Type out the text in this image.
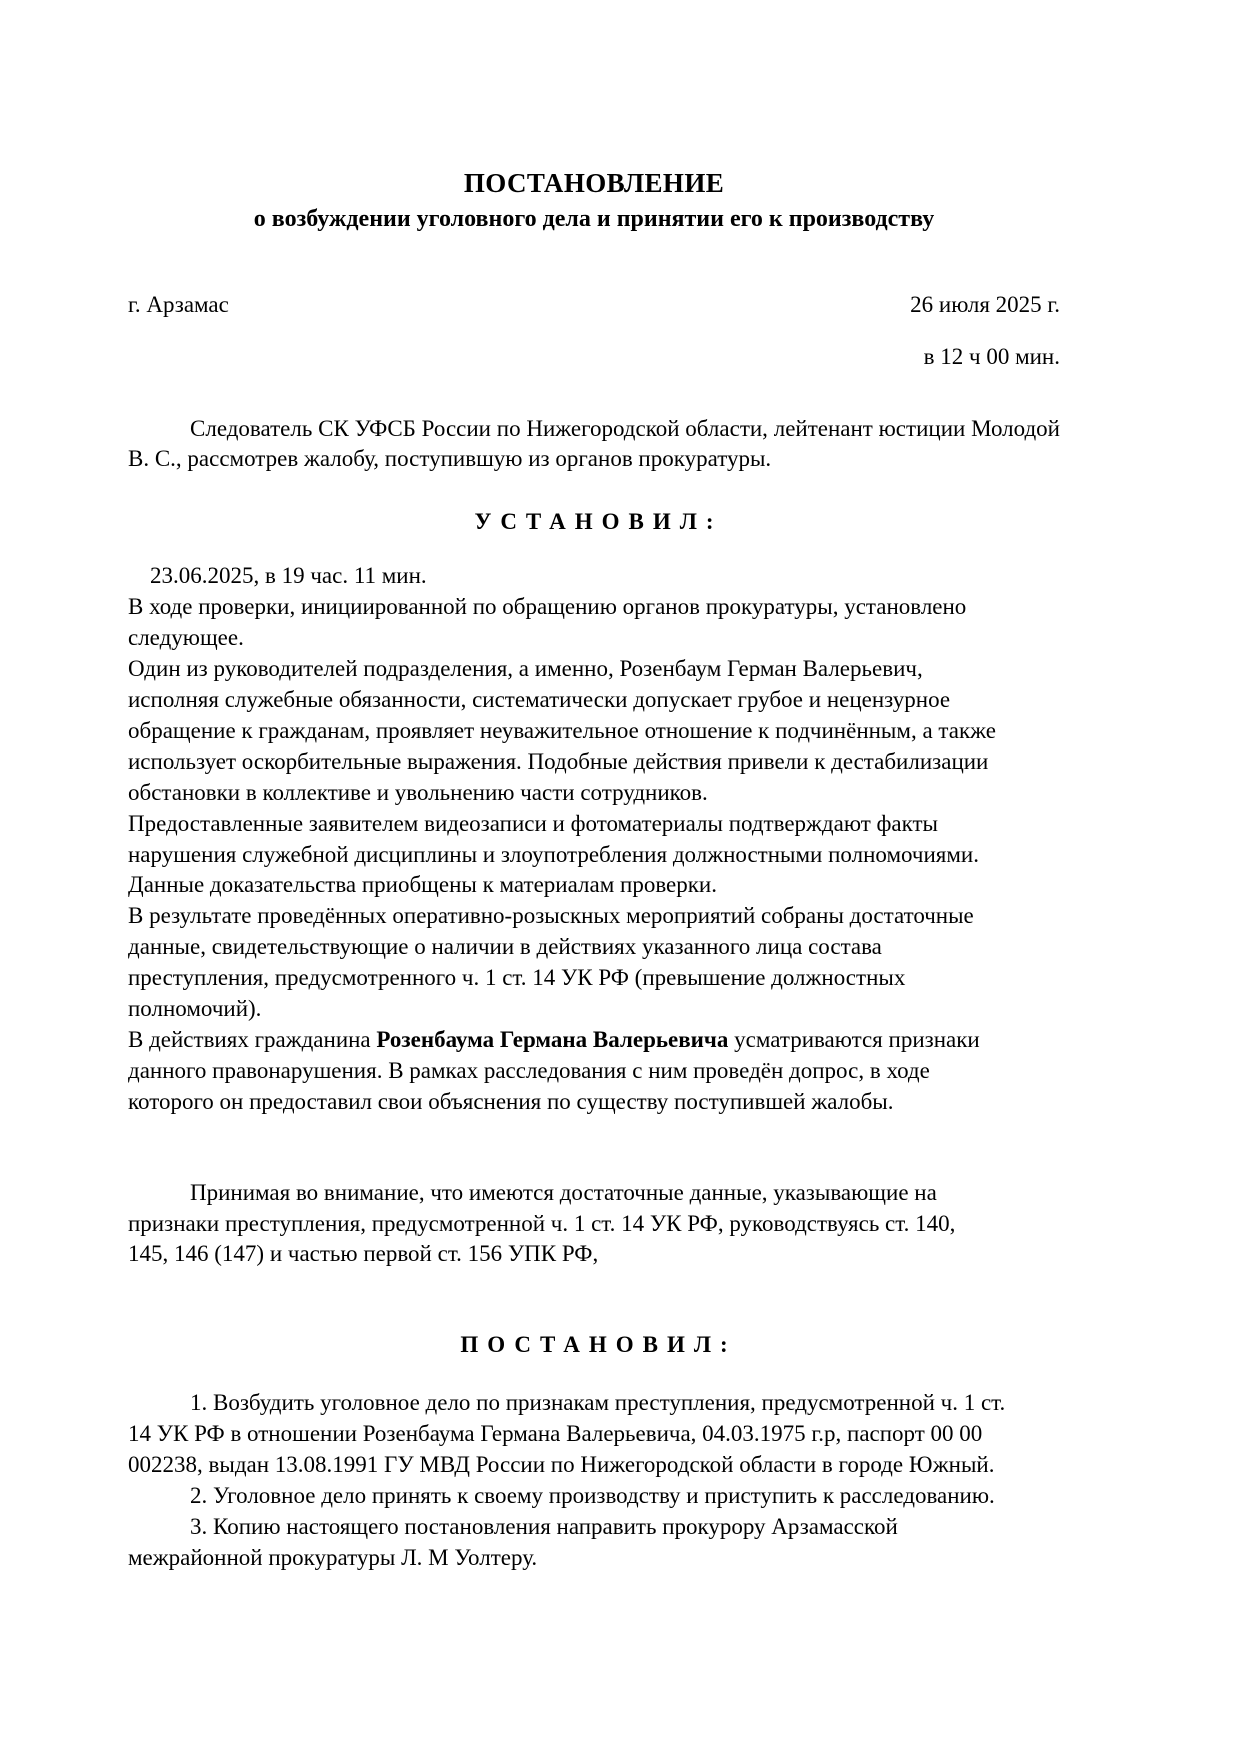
ПОСТАНОВЛЕНИЕ
о возбуждении уголовного дела и принятии его к производству
г. Арзамас	26 июля 2025 г.
в 12 ч 00 мин.
Следователь СК УФСБ России по Нижегородской области, лейтенант юстиции Молодой В. С., рассмотрев жалобу, поступившую из органов прокуратуры.
УСТАНОВИЛ:

23.06.2025, в 19 час. 11 мин.

В ходе проверки, инициированной по обращению органов прокуратуры, установлено

следующее.

Один из руководителей подразделения, а именно, Розенбаум Герман Валерьевич,

исполняя служебные обязанности, систематически допускает грубое и нецензурное

обращение к гражданам, проявляет неуважительное отношение к подчинённым, а также

использует оскорбительные выражения. Подобные действия привели к дестабилизации

обстановки в коллективе и увольнению части сотрудников.

Предоставленные заявителем видеозаписи и фотоматериалы подтверждают факты

нарушения служебной дисциплины и злоупотребления должностными полномочиями.

Данные доказательства приобщены к материалам проверки.

В результате проведённых оперативно-розыскных мероприятий собраны достаточные

данные, свидетельствующие о наличии в действиях указанного лица состава

преступления, предусмотренного ч. 1 ст. 14 УК РФ (превышение должностных

полномочий).

В действиях гражданина Розенбаума Германа Валерьевича усматриваются признаки

данного правонарушения. В рамках расследования с ним проведён допрос, в ходе

которого он предоставил свои объяснения по существу поступившей жалобы.

Принимая во внимание, что имеются достаточные данные, указывающие на
признаки преступления, предусмотренной ч. 1 ст. 14 УК РФ, руководствуясь ст. 140,
145, 146 (147) и частью первой ст. 156 УПК РФ,
ПОСТАНОВИЛ:

1. Возбудить уголовное дело по признакам преступления, предусмотренной ч. 1 ст.

14 УК РФ в отношении Розенбаума Германа Валерьевича, 04.03.1975 г.р, паспорт 00 00

002238, выдан 13.08.1991 ГУ МВД России по Нижегородской области в городе Южный.

2. Уголовное дело принять к своему производству и приступить к расследованию.

3. Копию настоящего постановления направить прокурору Арзамасской

межрайонной прокуратуры Л. М Уолтеру.
